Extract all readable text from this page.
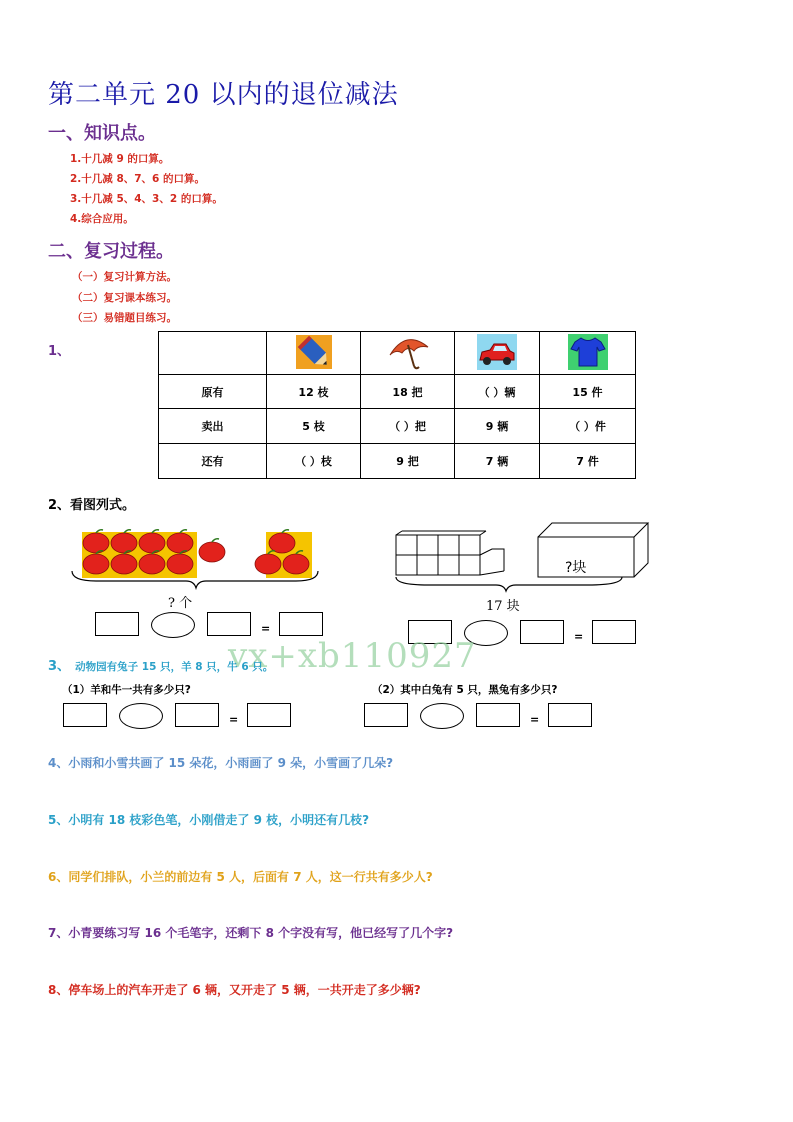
第二单元 20 以内的退位减法
一、知识点。
1.十几减 9 的口算。
2.十几减 8、7、6 的口算。
3.十几减 5、4、3、2 的口算。
4.综合应用。
二、复习过程。
（一）复习计算方法。
（二）复习课本练习。
（三）易错题目练习。
1、

原有	12 枝	18 把	（ ）辆	15 件
卖出	5 枝	（ ）把	9 辆	（ ）件
还有	（ ）枝	9 把	7 辆	7 件
2、看图列式。
? 个
?块
17 块
=
=
vx+xb110927
3、 动物园有兔子 15 只，羊 8 只，牛 6 只。
（1）羊和牛一共有多少只?	（2）其中白兔有 5 只，黑兔有多少只?
=	=
4、小雨和小雪共画了 15 朵花，小雨画了 9 朵，小雪画了几朵?
5、小明有 18 枝彩色笔，小刚借走了 9 枝，小明还有几枝?
6、同学们排队，小兰的前边有 5 人，后面有 7 人，这一行共有多少人?
7、小青要练习写 16 个毛笔字，还剩下 8 个字没有写，他已经写了几个字?
8、停车场上的汽车开走了 6 辆，又开走了 5 辆，一共开走了多少辆?
